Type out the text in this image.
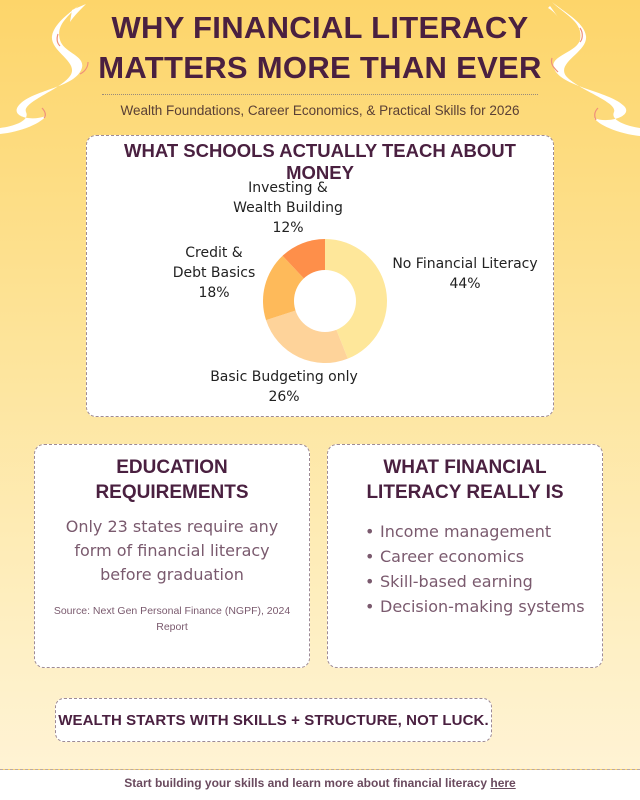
WHY FINANCIAL LITERACY
MATTERS MORE THAN EVER
Wealth Foundations, Career Economics, & Practical Skills for 2026
WHAT SCHOOLS ACTUALLY TEACH ABOUT MONEY
No Financial Literacy
44%
Basic Budgeting only
26%
Credit &
Debt Basics
18%
Investing &
Wealth Building
12%
EDUCATION
REQUIREMENTS
Only 23 states require any form of financial literacy before graduation
Source: Next Gen Personal Finance (NGPF), 2024 Report
WHAT FINANCIAL
LITERACY REALLY IS
• Income management
• Career economics
• Skill-based earning
• Decision-making systems
WEALTH STARTS WITH SKILLS + STRUCTURE, NOT LUCK.
Start building your skills and learn more about financial literacy here
